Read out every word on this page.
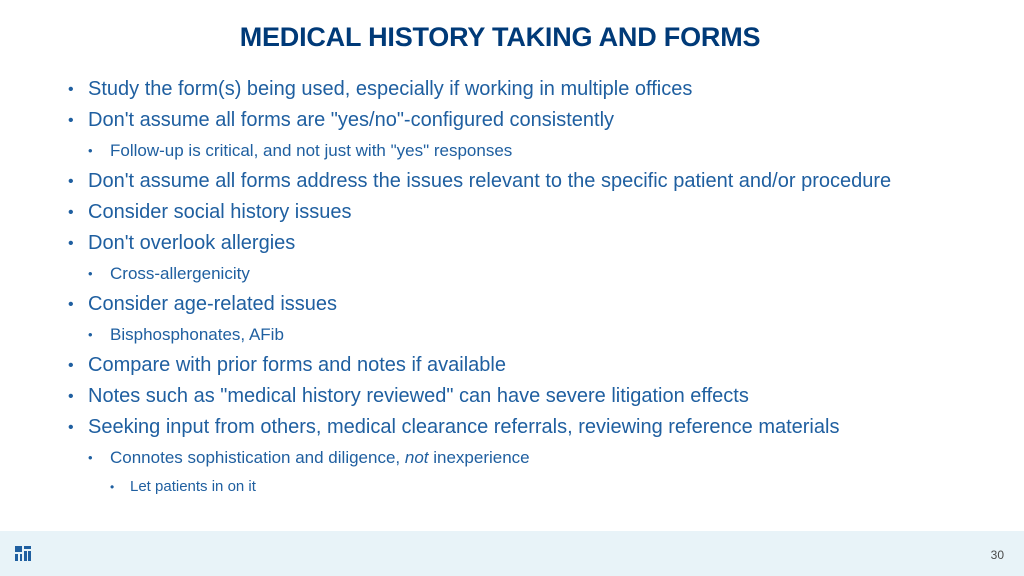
MEDICAL HISTORY TAKING AND FORMS
• Study the form(s) being used, especially if working in multiple offices
• Don't assume all forms are "yes/no"-configured consistently
• Follow-up is critical, and not just with "yes" responses
• Don't assume all forms address the issues relevant to the specific patient and/or procedure
• Consider social history issues
• Don't overlook allergies
• Cross-allergenicity
• Consider age-related issues
• Bisphosphonates, AFib
• Compare with prior forms and notes if available
• Notes such as "medical history reviewed" can have severe litigation effects
• Seeking input from others, medical clearance referrals, reviewing reference materials
• Connotes sophistication and diligence, not inexperience
• Let patients in on it
30
